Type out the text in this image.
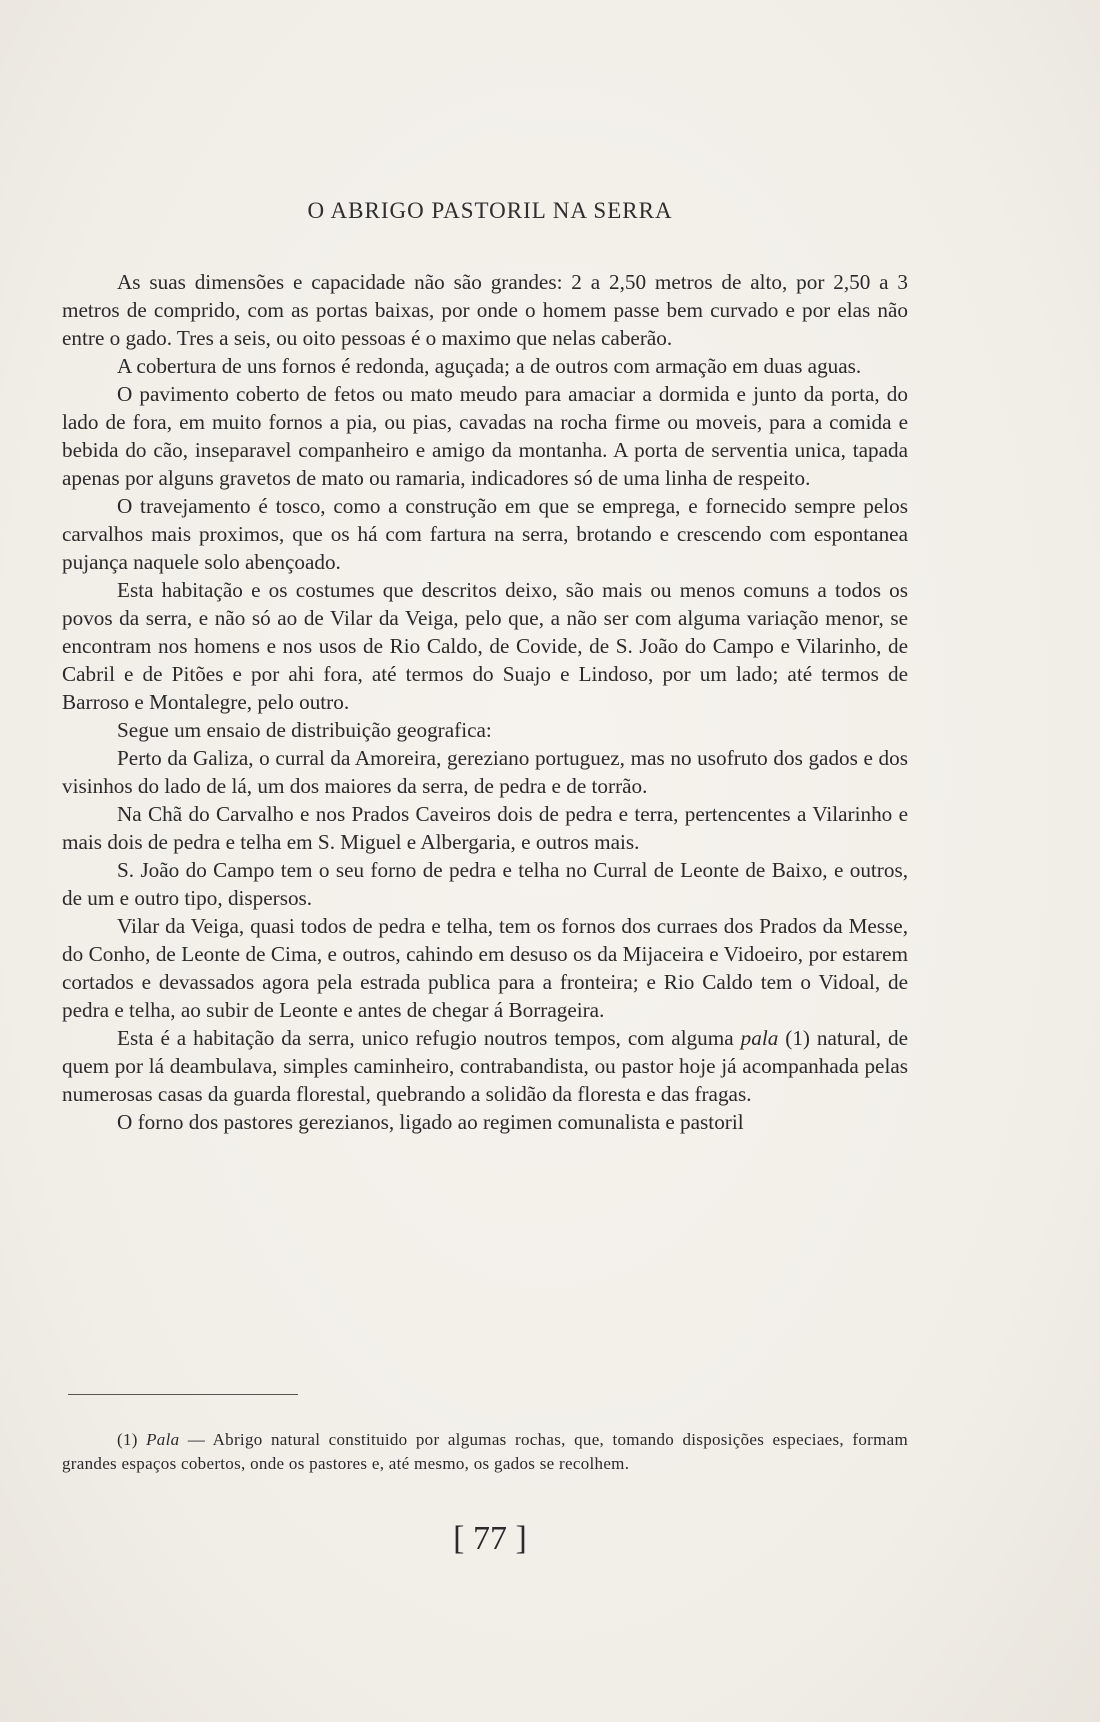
O ABRIGO PASTORIL NA SERRA

As suas dimensões e capacidade não são grandes: 2 a 2,50 metros de alto, por 2,50 a 3 metros de comprido, com as portas baixas, por onde o homem passe bem curvado e por elas não entre o gado. Tres a seis, ou oito pessoas é o maximo que nelas caberão.

A cobertura de uns fornos é redonda, aguçada; a de outros com armação em duas aguas.

O pavimento coberto de fetos ou mato meudo para amaciar a dormida e junto da porta, do lado de fora, em muito fornos a pia, ou pias, cavadas na rocha firme ou moveis, para a comida e bebida do cão, inseparavel companheiro e amigo da montanha. A porta de serventia unica, tapada apenas por alguns gravetos de mato ou ramaria, indicadores só de uma linha de respeito.

O travejamento é tosco, como a construção em que se emprega, e fornecido sempre pelos carvalhos mais proximos, que os há com fartura na serra, brotando e crescendo com espontanea pujança naquele solo abençoado.

Esta habitação e os costumes que descritos deixo, são mais ou menos comuns a todos os povos da serra, e não só ao de Vilar da Veiga, pelo que, a não ser com alguma variação menor, se encontram nos homens e nos usos de Rio Caldo, de Covide, de S. João do Campo e Vilarinho, de Cabril e de Pitões e por ahi fora, até termos do Suajo e Lindoso, por um lado; até termos de Barroso e Montalegre, pelo outro.

Segue um ensaio de distribuição geografica:

Perto da Galiza, o curral da Amoreira, gereziano portuguez, mas no usofruto dos gados e dos visinhos do lado de lá, um dos maiores da serra, de pedra e de torrão.

Na Chã do Carvalho e nos Prados Caveiros dois de pedra e terra, pertencentes a Vilarinho e mais dois de pedra e telha em S. Miguel e Albergaria, e outros mais.

S. João do Campo tem o seu forno de pedra e telha no Curral de Leonte de Baixo, e outros, de um e outro tipo, dispersos.

Vilar da Veiga, quasi todos de pedra e telha, tem os fornos dos curraes dos Prados da Messe, do Conho, de Leonte de Cima, e outros, cahindo em desuso os da Mijaceira e Vidoeiro, por estarem cortados e devassados agora pela estrada publica para a fronteira; e Rio Caldo tem o Vidoal, de pedra e telha, ao subir de Leonte e antes de chegar á Borrageira.

Esta é a habitação da serra, unico refugio noutros tempos, com alguma pala (1) natural, de quem por lá deambulava, simples caminheiro, contrabandista, ou pastor hoje já acompanhada pelas numerosas casas da guarda florestal, quebrando a solidão da floresta e das fragas.

O forno dos pastores gerezianos, ligado ao regimen comunalista e pastoril

(1) Pala — Abrigo natural constituido por algumas rochas, que, tomando disposições especiaes, formam grandes espaços cobertos, onde os pastores e, até mesmo, os gados se recolhem.
[ 77 ]
